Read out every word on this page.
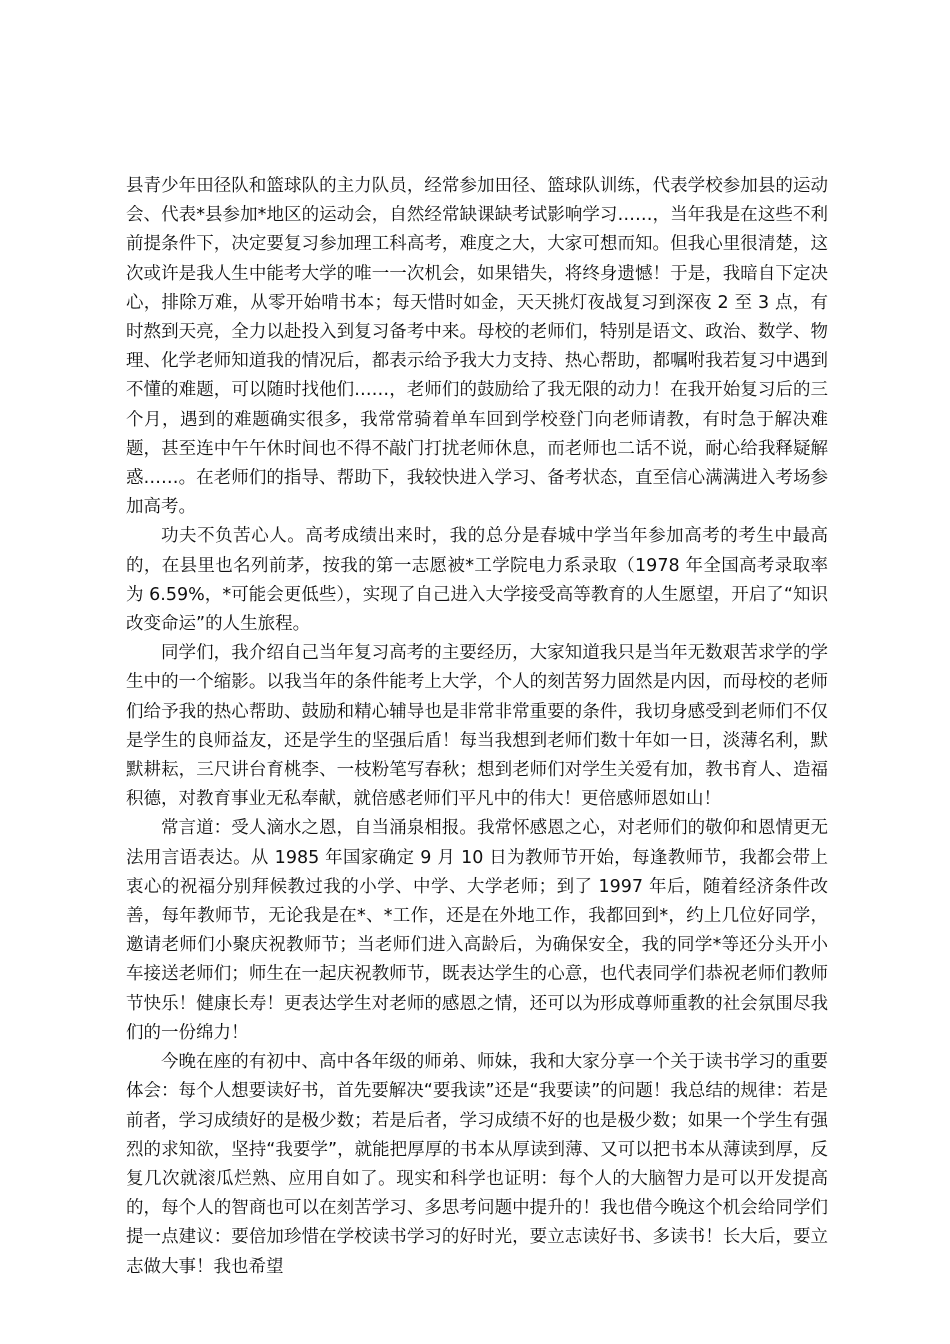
县青少年田径队和篮球队的主力队员，经常参加田径、篮球队训练，代表学校参加县的运动会、代表*县参加*地区的运动会，自然经常缺课缺考试影响学习……，当年我是在这些不利前提条件下，决定要复习参加理工科高考，难度之大，大家可想而知。但我心里很清楚，这次或许是我人生中能考大学的唯一一次机会，如果错失，将终身遗憾！于是，我暗自下定决心，排除万难，从零开始啃书本；每天惜时如金，天天挑灯夜战复习到深夜 2 至 3 点，有时熬到天亮，全力以赴投入到复习备考中来。母校的老师们，特别是语文、政治、数学、物理、化学老师知道我的情况后，都表示给予我大力支持、热心帮助，都嘱咐我若复习中遇到不懂的难题，可以随时找他们……，老师们的鼓励给了我无限的动力！在我开始复习后的三个月，遇到的难题确实很多，我常常骑着单车回到学校登门向老师请教，有时急于解决难题，甚至连中午午休时间也不得不敲门打扰老师休息，而老师也二话不说，耐心给我释疑解惑……。在老师们的指导、帮助下，我较快进入学习、备考状态，直至信心满满进入考场参加高考。

功夫不负苦心人。高考成绩出来时，我的总分是春城中学当年参加高考的考生中最高的，在县里也名列前茅，按我的第一志愿被*工学院电力系录取（1978 年全国高考录取率为 6.59%，*可能会更低些），实现了自己进入大学接受高等教育的人生愿望，开启了“知识改变命运”的人生旅程。

同学们，我介绍自己当年复习高考的主要经历，大家知道我只是当年无数艰苦求学的学生中的一个缩影。以我当年的条件能考上大学，个人的刻苦努力固然是内因，而母校的老师们给予我的热心帮助、鼓励和精心辅导也是非常非常重要的条件，我切身感受到老师们不仅是学生的良师益友，还是学生的坚强后盾！每当我想到老师们数十年如一日，淡薄名利，默默耕耘，三尺讲台育桃李、一枝粉笔写春秋；想到老师们对学生关爱有加，教书育人、造福积德，对教育事业无私奉献，就倍感老师们平凡中的伟大！更倍感师恩如山！

常言道：受人滴水之恩，自当涌泉相报。我常怀感恩之心，对老师们的敬仰和恩情更无法用言语表达。从 1985 年国家确定 9 月 10 日为教师节开始，每逢教师节，我都会带上衷心的祝福分别拜候教过我的小学、中学、大学老师；到了 1997 年后，随着经济条件改善，每年教师节，无论我是在*、*工作，还是在外地工作，我都回到*，约上几位好同学，邀请老师们小聚庆祝教师节；当老师们进入高龄后，为确保安全，我的同学*等还分头开小车接送老师们；师生在一起庆祝教师节，既表达学生的心意，也代表同学们恭祝老师们教师节快乐！健康长寿！更表达学生对老师的感恩之情，还可以为形成尊师重教的社会氛围尽我们的一份绵力！

今晚在座的有初中、高中各年级的师弟、师妹，我和大家分享一个关于读书学习的重要体会：每个人想要读好书，首先要解决“要我读”还是“我要读”的问题！我总结的规律：若是前者，学习成绩好的是极少数；若是后者，学习成绩不好的也是极少数；如果一个学生有强烈的求知欲，坚持“我要学”，就能把厚厚的书本从厚读到薄、又可以把书本从薄读到厚，反复几次就滚瓜烂熟、应用自如了。现实和科学也证明：每个人的大脑智力是可以开发提高的，每个人的智商也可以在刻苦学习、多思考问题中提升的！我也借今晚这个机会给同学们提一点建议：要倍加珍惜在学校读书学习的好时光，要立志读好书、多读书！长大后，要立志做大事！我也希望
